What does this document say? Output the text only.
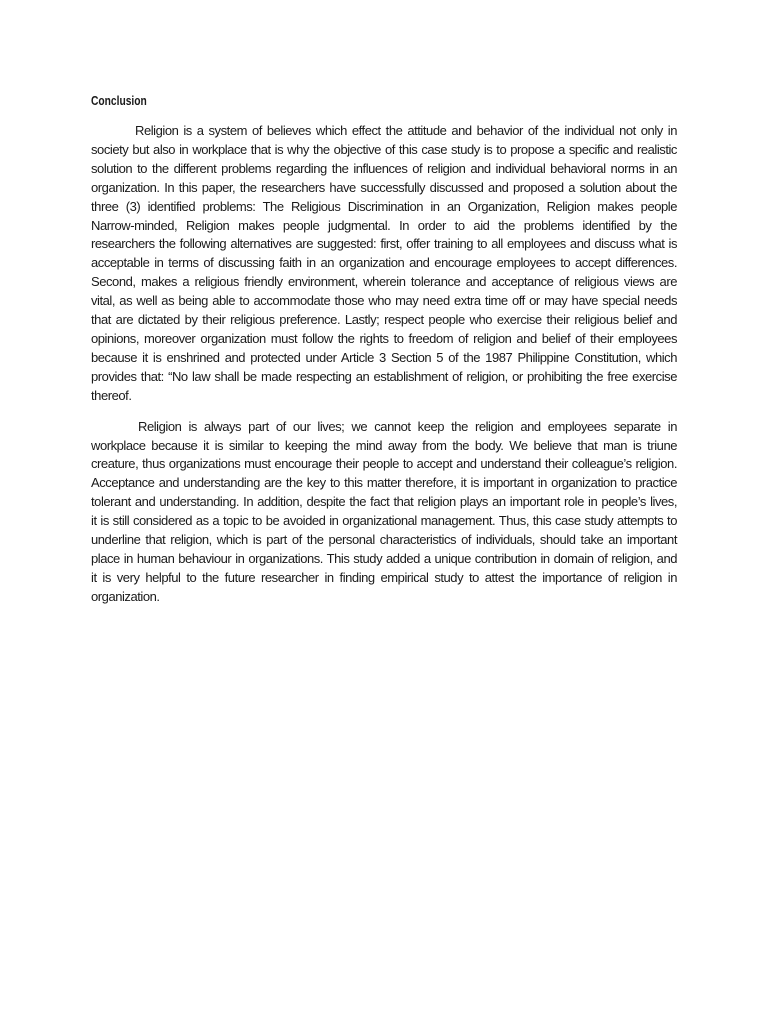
Conclusion

Religion is a system of believes which effect the attitude and behavior of the individual not only in society but also in workplace that is why the objective of this case study is to propose a specific and realistic solution to the different problems regarding the influences of religion and individual behavioral norms in an organization. In this paper, the researchers have successfully discussed and proposed a solution about the three (3) identified problems: The Religious Discrimination in an Organization, Religion makes people Narrow-minded, Religion makes people judgmental. In order to aid the problems identified by the researchers the following alternatives are suggested: first, offer training to all employees and discuss what is acceptable in terms of discussing faith in an organization and encourage employees to accept differences. Second, makes a religious friendly environment, wherein tolerance and acceptance of religious views are vital, as well as being able to accommodate those who may need extra time off or may have special needs that are dictated by their religious preference. Lastly; respect people who exercise their religious belief and opinions, moreover organization must follow the rights to freedom of religion and belief of their employees because it is enshrined and protected under Article 3 Section 5 of the 1987 Philippine Constitution, which provides that: “No law shall be made respecting an establishment of religion, or prohibiting the free exercise thereof.

Religion is always part of our lives; we cannot keep the religion and employees separate in workplace because it is similar to keeping the mind away from the body. We believe that man is triune creature, thus organizations must encourage their people to accept and understand their colleague’s religion. Acceptance and understanding are the key to this matter therefore, it is important in organization to practice tolerant and understanding. In addition, despite the fact that religion plays an important role in people’s lives, it is still considered as a topic to be avoided in organizational management. Thus, this case study attempts to underline that religion, which is part of the personal characteristics of individuals, should take an important place in human behaviour in organizations. This study added a unique contribution in domain of religion, and it is very helpful to the future researcher in finding empirical study to attest the importance of religion in organization.
